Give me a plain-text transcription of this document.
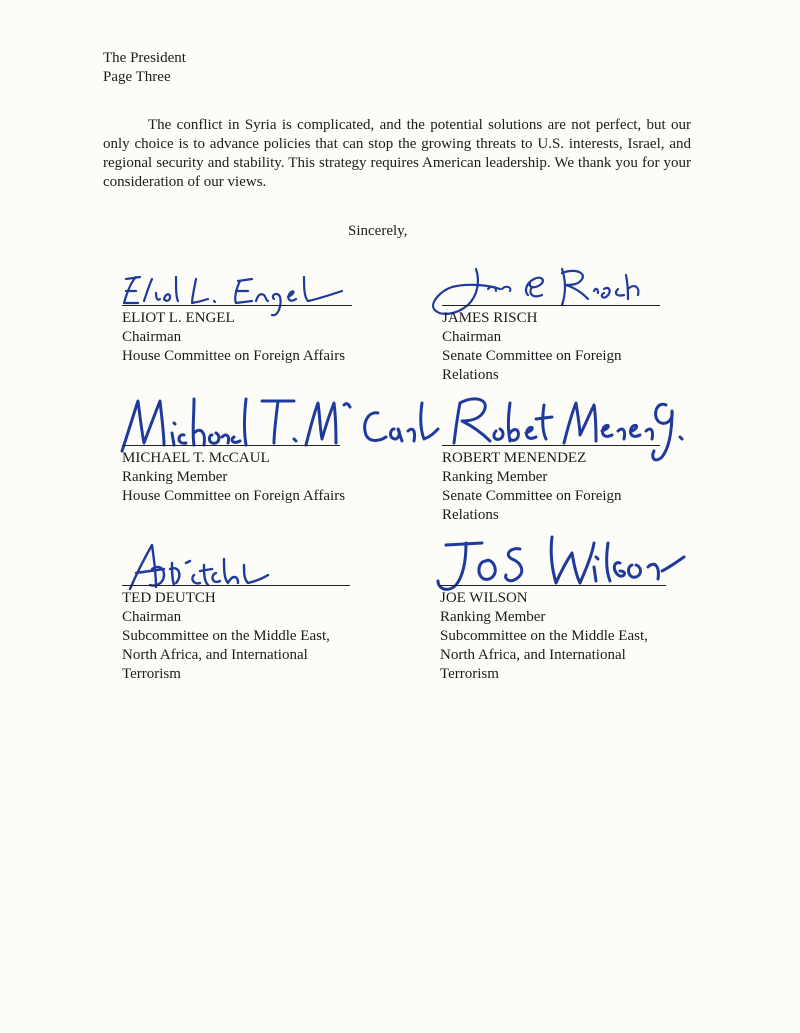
The President
Page Three
The conflict in Syria is complicated, and the potential solutions are not perfect, but our only choice is to advance policies that can stop the growing threats to U.S. interests, Israel, and regional security and stability. This strategy requires American leadership. We thank you for your consideration of our views.
Sincerely,
ELIOT L. ENGEL
Chairman
House Committee on Foreign Affairs
JAMES RISCH
Chairman
Senate Committee on Foreign
Relations
MICHAEL T. McCAUL
Ranking Member
House Committee on Foreign Affairs
ROBERT MENENDEZ
Ranking Member
Senate Committee on Foreign
Relations
TED DEUTCH
Chairman
Subcommittee on the Middle East,
North Africa, and International
Terrorism
JOE WILSON
Ranking Member
Subcommittee on the Middle East,
North Africa, and International
Terrorism
